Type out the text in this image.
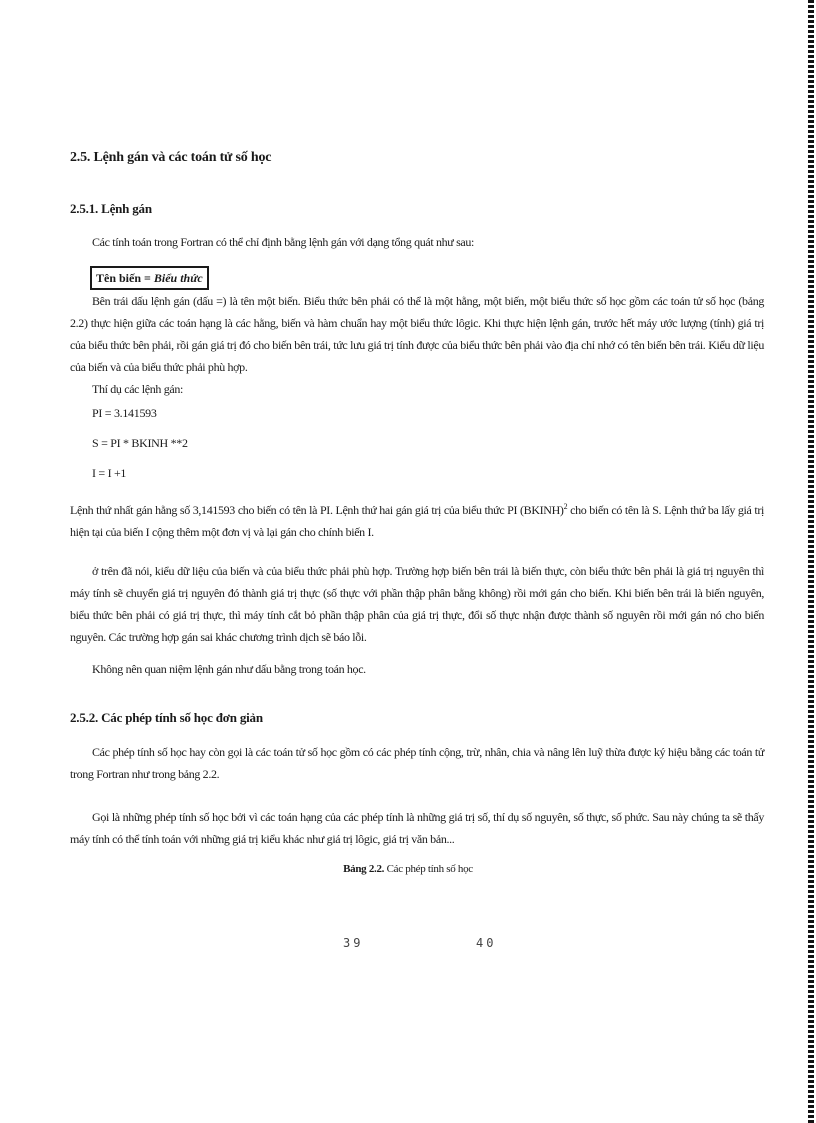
2.5. Lệnh gán và các toán tử số học
2.5.1. Lệnh gán

Các tính toán trong Fortran có thể chỉ định bằng lệnh gán với dạng tổng quát như sau:

Tên biến = Biểu thức

Bên trái dấu lệnh gán (dấu =) là tên một biến. Biểu thức bên phải có thể là một hằng, một biến, một biểu thức số học gồm các toán tử số học (bảng 2.2) thực hiện giữa các toán hạng là các hằng, biến và hàm chuẩn hay một biểu thức lôgic. Khi thực hiện lệnh gán, trước hết máy ước lượng (tính) giá trị của biểu thức bên phải, rồi gán giá trị đó cho biến bên trái, tức lưu giá trị tính được của biểu thức bên phải vào địa chỉ nhớ có tên biến bên trái. Kiểu dữ liệu của biến và của biểu thức phải phù hợp.

Thí dụ các lệnh gán:

PI = 3.141593
S = PI * BKINH **2
I = I +1

Lệnh thứ nhất gán hằng số 3,141593 cho biến có tên là PI. Lệnh thứ hai gán giá trị của biểu thức PI (BKINH)$^2$ cho biến có tên là S. Lệnh thứ ba lấy giá trị hiện tại của biến I cộng thêm một đơn vị và lại gán cho chính biến I.

ở trên đã nói, kiểu dữ liệu của biến và của biểu thức phải phù hợp. Trường hợp biến bên trái là biến thực, còn biểu thức bên phải là giá trị nguyên thì máy tính sẽ chuyển giá trị nguyên đó thành giá trị thực (số thực với phần thập phân bằng không) rồi mới gán cho biến. Khi biến bên trái là biến nguyên, biểu thức bên phải có giá trị thực, thì máy tính cắt bỏ phần thập phân của giá trị thực, đổi số thực nhận được thành số nguyên rồi mới gán nó cho biến nguyên. Các trường hợp gán sai khác chương trình dịch sẽ báo lỗi.

Không nên quan niệm lệnh gán như dấu bằng trong toán học.

2.5.2. Các phép tính số học đơn giản

Các phép tính số học hay còn gọi là các toán tử số học gồm có các phép tính cộng, trừ, nhân, chia và nâng lên luỹ thừa được ký hiệu bằng các toán tử trong Fortran như trong bảng 2.2.

Gọi là những phép tính số học bởi vì các toán hạng của các phép tính là những giá trị số, thí dụ số nguyên, số thực, số phức. Sau này chúng ta sẽ thấy máy tính có thể tính toán với những giá trị kiểu khác như giá trị lôgic, giá trị văn bản...

Bảng 2.2. Các phép tính số học
39	40
